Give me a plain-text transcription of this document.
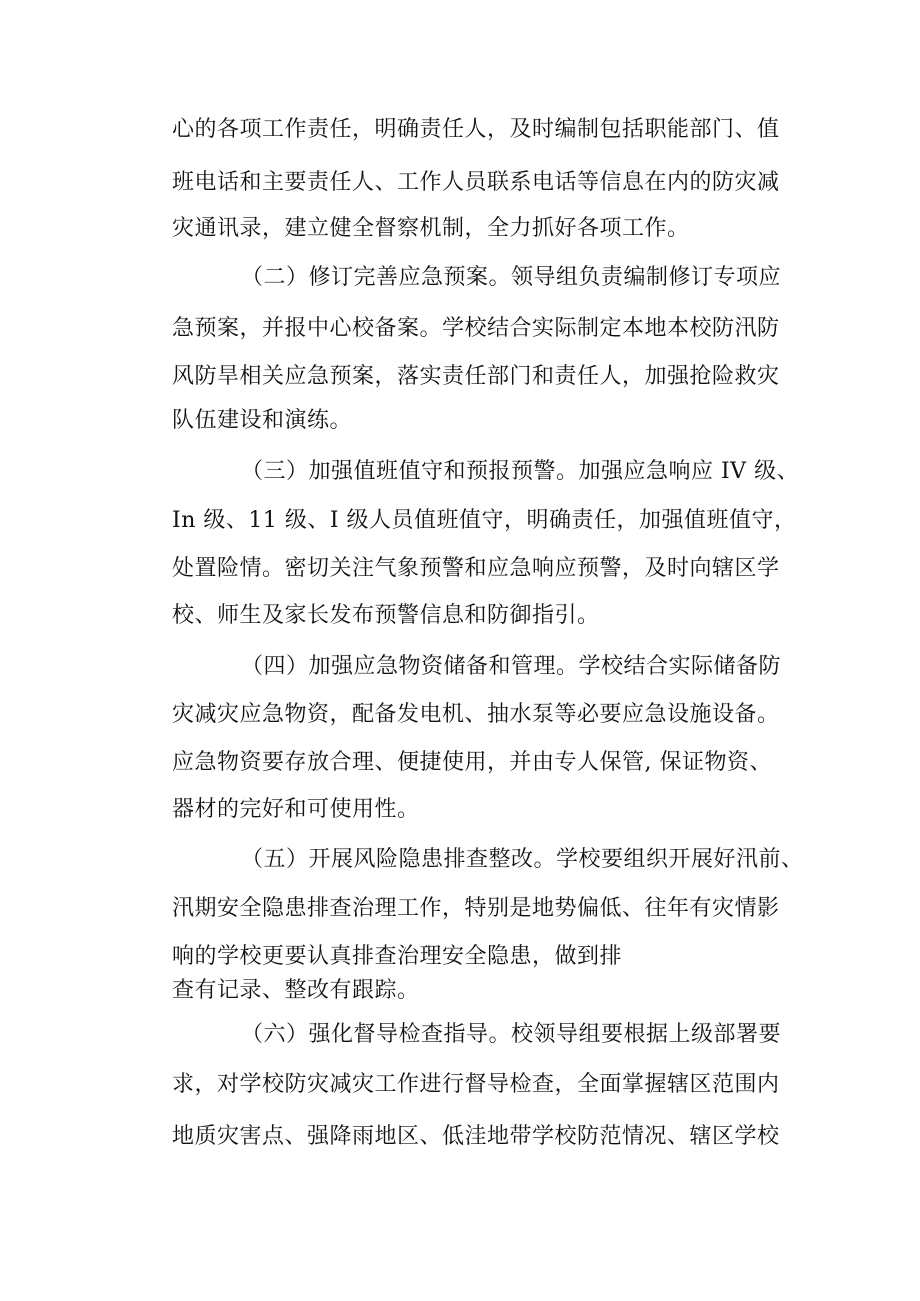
心的各项工作责任，明确责任人，及时编制包括职能部门、值
班电话和主要责任人、工作人员联系电话等信息在内的防灾减
灾通讯录，建立健全督察机制，全力抓好各项工作。
（二）修订完善应急预案。领导组负责编制修订专项应
急预案，并报中心校备案。学校结合实际制定本地本校防汛防
风防旱相关应急预案，落实责任部门和责任人，加强抢险救灾
队伍建设和演练。
（三）加强值班值守和预报预警。加强应急响应 IV 级、
In 级、11 级、I 级人员值班值守，明确责任，加强值班值守，
处置险情。密切关注气象预警和应急响应预警，及时向辖区学
校、师生及家长发布预警信息和防御指引。
（四）加强应急物资储备和管理。学校结合实际储备防
灾减灾应急物资，配备发电机、抽水泵等必要应急设施设备。
应急物资要存放合理、便捷使用，并由专人保管, 保证物资、
器材的完好和可使用性。
（五）开展风险隐患排查整改。学校要组织开展好汛前、
汛期安全隐患排查治理工作，特别是地势偏低、往年有灾情影
响的学校更要认真排查治理安全隐患，做到排
查有记录、整改有跟踪。
（六）强化督导检查指导。校领导组要根据上级部署要
求，对学校防灾减灾工作进行督导检查，全面掌握辖区范围内
地质灾害点、强降雨地区、低洼地带学校防范情况、辖区学校
